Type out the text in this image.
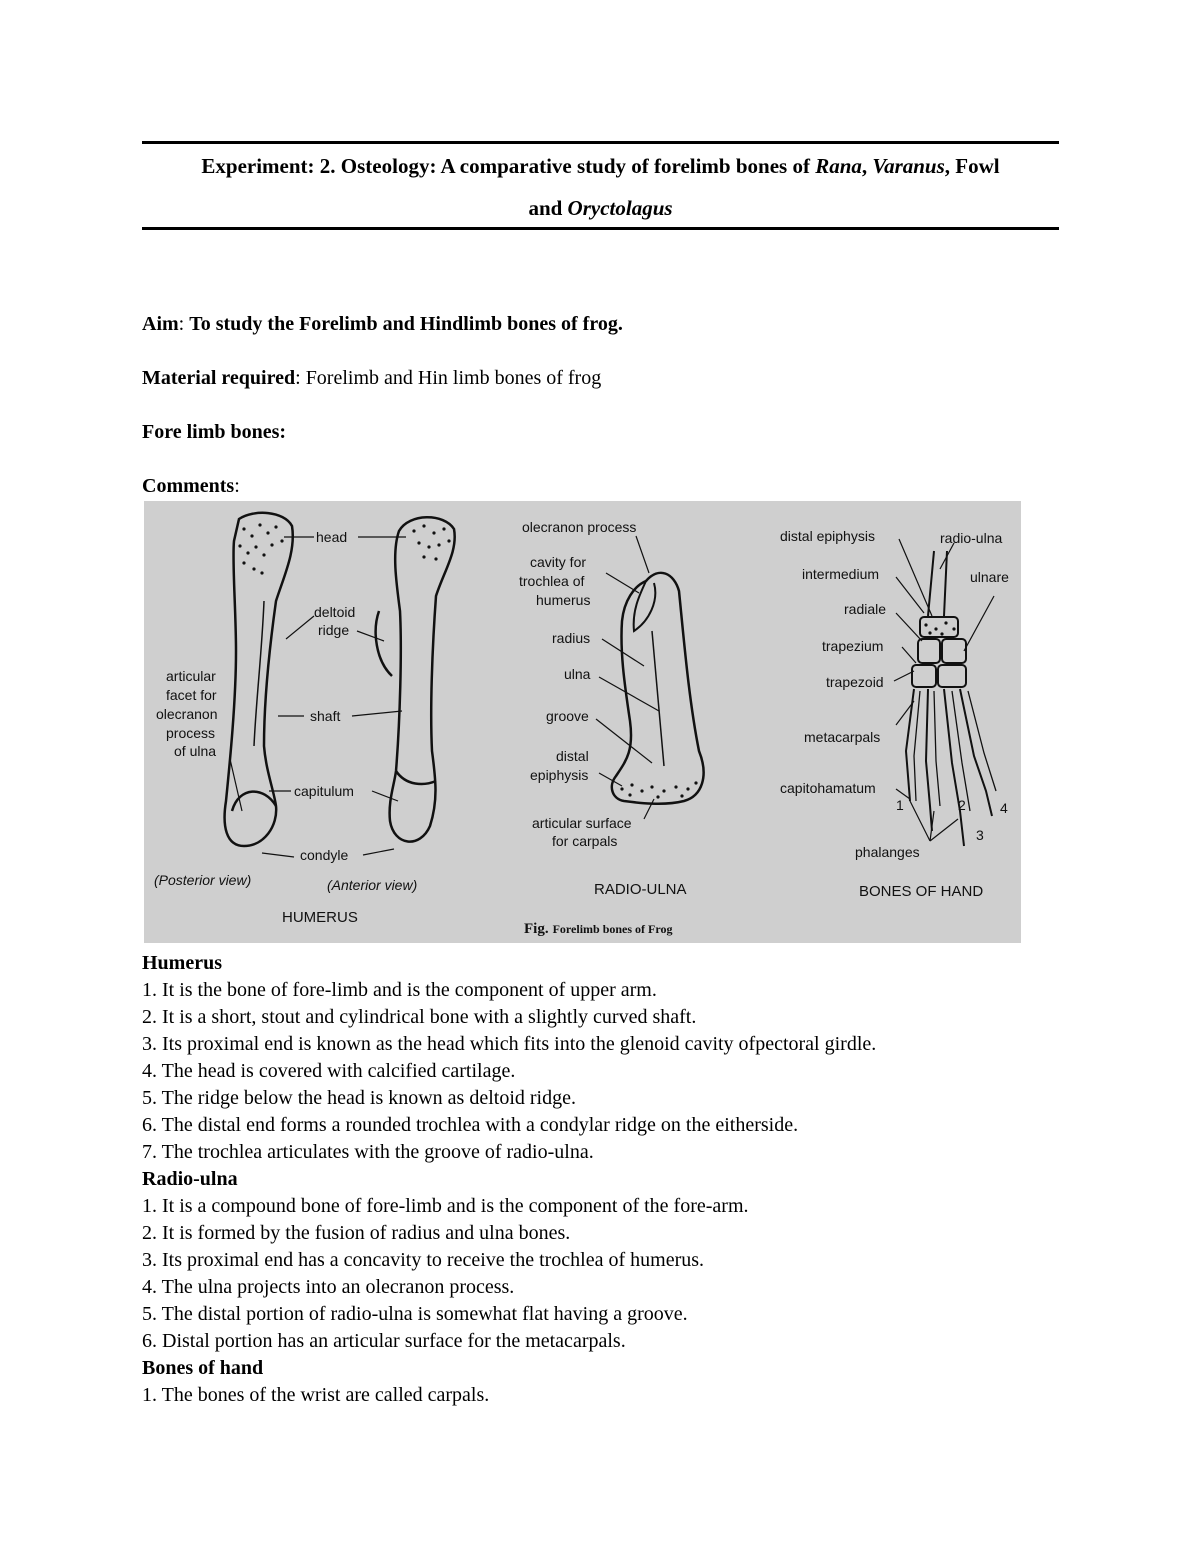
Experiment: 2. Osteology: A comparative study of forelimb bones of Rana, Varanus, Fowl
and Oryctolagus
Aim: To study the Forelimb and Hindlimb bones of frog.
Material required: Forelimb and Hin limb bones of frog
Fore limb bones:
Comments:
head
deltoid
ridge
shaft
capitulum
condyle
articular
facet for
olecranon
process
of ulna
(Posterior view)	(Anterior view)
HUMERUS
olecranon process
cavity for
trochlea of
humerus
radius
ulna
groove
distal
epiphysis
articular surface
for carpals
RADIO-ULNA
distal epiphysis	radio-ulna
intermedium	ulnare
radiale
trapezium
trapezoid
metacarpals
capitohamatum
1	2
3
4
phalanges
BONES OF HAND
Fig. Forelimb bones of Frog
Humerus
1. It is the bone of fore-limb and is the component of upper arm.
2. It is a short, stout and cylindrical bone with a slightly curved shaft.
3. Its proximal end is known as the head which fits into the glenoid cavity ofpectoral girdle.
4. The head is covered with calcified cartilage.
5. The ridge below the head is known as deltoid ridge.
6. The distal end forms a rounded trochlea with a condylar ridge on the eitherside.
7. The trochlea articulates with the groove of radio-ulna.
Radio-ulna
1. It is a compound bone of fore-limb and is the component of the fore-arm.
2. It is formed by the fusion of radius and ulna bones.
3. Its proximal end has a concavity to receive the trochlea of humerus.
4. The ulna projects into an olecranon process.
5. The distal portion of radio-ulna is somewhat flat having a groove.
6. Distal portion has an articular surface for the metacarpals.
Bones of hand
1. The bones of the wrist are called carpals.
